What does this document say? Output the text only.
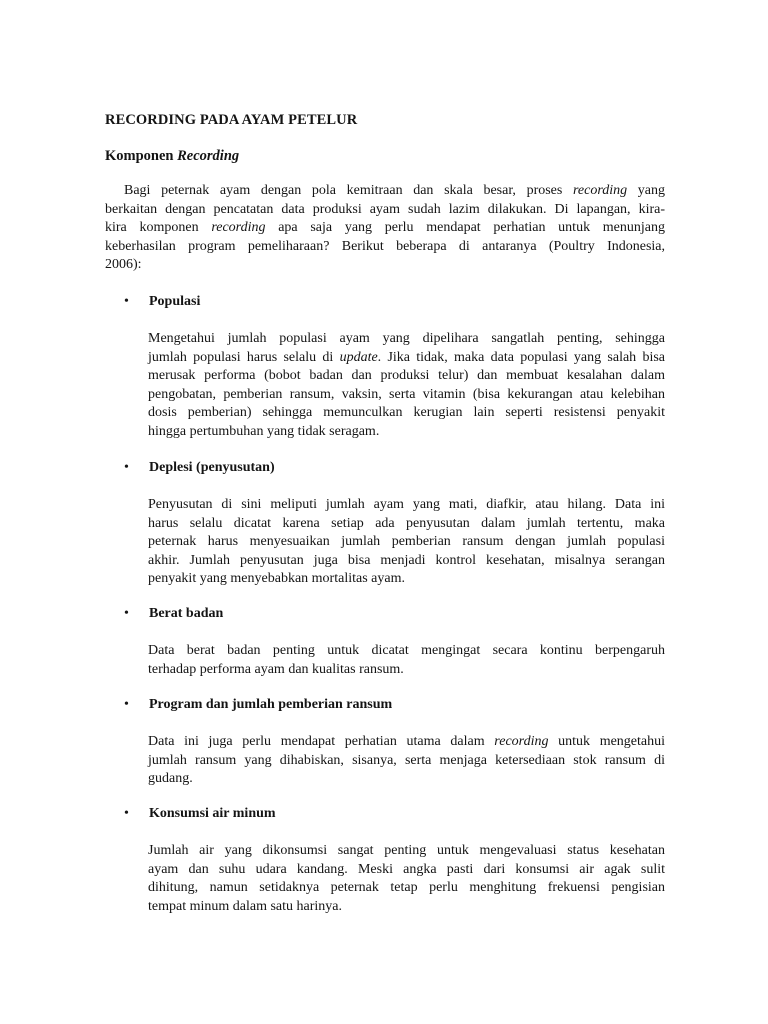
RECORDING PADA AYAM PETELUR
Komponen Recording
Bagi peternak ayam dengan pola kemitraan dan skala besar, proses recording yang
berkaitan dengan pencatatan data produksi ayam sudah lazim dilakukan. Di lapangan, kira-
kira komponen recording apa saja yang perlu mendapat perhatian untuk menunjang
keberhasilan program pemeliharaan? Berikut beberapa di antaranya (Poultry Indonesia,
2006):
• Populasi
Mengetahui jumlah populasi ayam yang dipelihara sangatlah penting, sehingga
jumlah populasi harus selalu di update. Jika tidak, maka data populasi yang salah bisa
merusak performa (bobot badan dan produksi telur) dan membuat kesalahan dalam
pengobatan, pemberian ransum, vaksin, serta vitamin (bisa kekurangan atau kelebihan
dosis pemberian) sehingga memunculkan kerugian lain seperti resistensi penyakit
hingga pertumbuhan yang tidak seragam.
• Deplesi (penyusutan)
Penyusutan di sini meliputi jumlah ayam yang mati, diafkir, atau hilang. Data ini
harus selalu dicatat karena setiap ada penyusutan dalam jumlah tertentu, maka
peternak harus menyesuaikan jumlah pemberian ransum dengan jumlah populasi
akhir. Jumlah penyusutan juga bisa menjadi kontrol kesehatan, misalnya serangan
penyakit yang menyebabkan mortalitas ayam.
• Berat badan
Data berat badan penting untuk dicatat mengingat secara kontinu berpengaruh
terhadap performa ayam dan kualitas ransum.
• Program dan jumlah pemberian ransum
Data ini juga perlu mendapat perhatian utama dalam recording untuk mengetahui
jumlah ransum yang dihabiskan, sisanya, serta menjaga ketersediaan stok ransum di
gudang.
• Konsumsi air minum
Jumlah air yang dikonsumsi sangat penting untuk mengevaluasi status kesehatan
ayam dan suhu udara kandang. Meski angka pasti dari konsumsi air agak sulit
dihitung, namun setidaknya peternak tetap perlu menghitung frekuensi pengisian
tempat minum dalam satu harinya.
